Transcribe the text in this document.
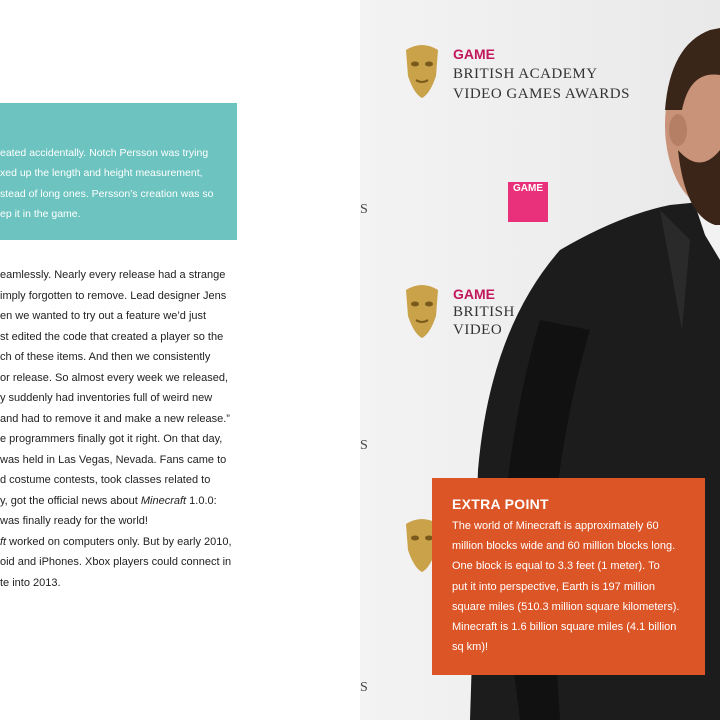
eated accidentally. Notch Persson was trying
xed up the length and height measurement,
stead of long ones. Persson’s creation was so
ep it in the game.
eamlessly. Nearly every release had a strange
imply forgotten to remove. Lead designer Jens
en we wanted to try out a feature we’d just
st edited the code that created a player so the
ch of these items. And then we consistently
or release. So almost every week we released,
y suddenly had inventories full of weird new
and had to remove it and make a new release.”
e programmers finally got it right. On that day,
was held in Las Vegas, Nevada. Fans came to
d costume contests, took classes related to
y, got the official news about Minecraft 1.0.0:
was finally ready for the world!
ft worked on computers only. But by early 2010,
oid and iPhones. Xbox players could connect in
te into 2013.
GAME
BRITISH ACADEMY
VIDEO GAMES AWARDS
GAME
GAME
BRITISH
VIDEO
S
S
S
EXTRA POINT
The world of Minecraft is approximately 60
million blocks wide and 60 million blocks long.
One block is equal to 3.3 feet (1 meter). To
put it into perspective, Earth is 197 million
square miles (510.3 million square kilometers).
Minecraft is 1.6 billion square miles (4.1 billion
sq km)!
